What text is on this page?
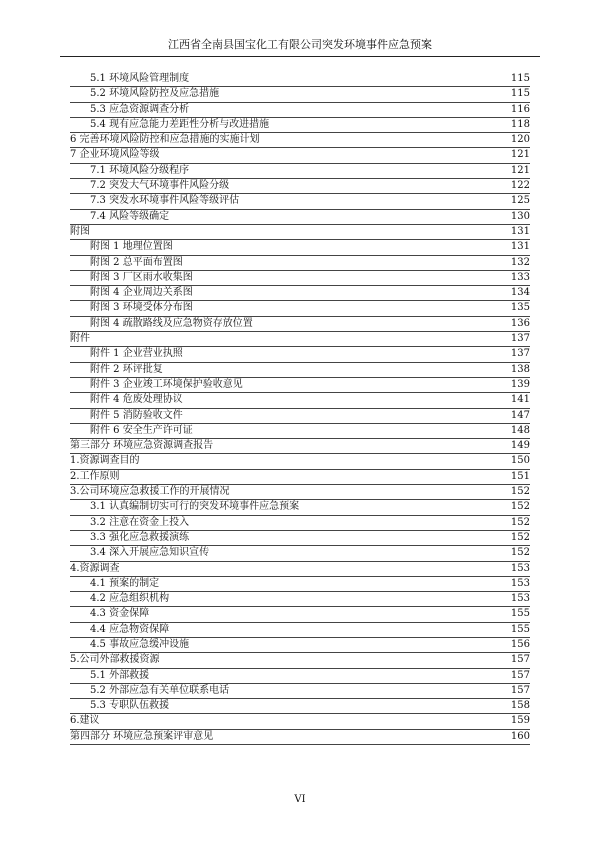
江西省全南县国宝化工有限公司突发环境事件应急预案
5.1 环境风险管理制度	115
5.2 环境风险防控及应急措施	115
5.3 应急资源调查分析	116
5.4 现有应急能力差距性分析与改进措施	118
6 完善环境风险防控和应急措施的实施计划	120
7 企业环境风险等级	121
7.1 环境风险分级程序	121
7.2 突发大气环境事件风险分级	122
7.3 突发水环境事件风险等级评估	125
7.4 风险等级确定	130
附图	131
附图 1 地理位置图	131
附图 2 总平面布置图	132
附图 3 厂区雨水收集图	133
附图 4 企业周边关系图	134
附图 3 环境受体分布图	135
附图 4 疏散路线及应急物资存放位置	136
附件	137
附件 1 企业营业执照	137
附件 2 环评批复	138
附件 3 企业竣工环境保护验收意见	139
附件 4 危废处理协议	141
附件 5 消防验收文件	147
附件 6 安全生产许可证	148
第三部分 环境应急资源调查报告	149
1.资源调查目的	150
2.工作原则	151
3.公司环境应急救援工作的开展情况	152
3.1 认真编制切实可行的突发环境事件应急预案	152
3.2 注意在资金上投入	152
3.3 强化应急救援演练	152
3.4 深入开展应急知识宣传	152
4.资源调查	153
4.1 预案的制定	153
4.2 应急组织机构	153
4.3 资金保障	155
4.4 应急物资保障	155
4.5 事故应急缓冲设施	156
5.公司外部救援资源	157
5.1 外部救援	157
5.2 外部应急有关单位联系电话	157
5.3 专职队伍救援	158
6.建议	159
第四部分 环境应急预案评审意见	160
VI
